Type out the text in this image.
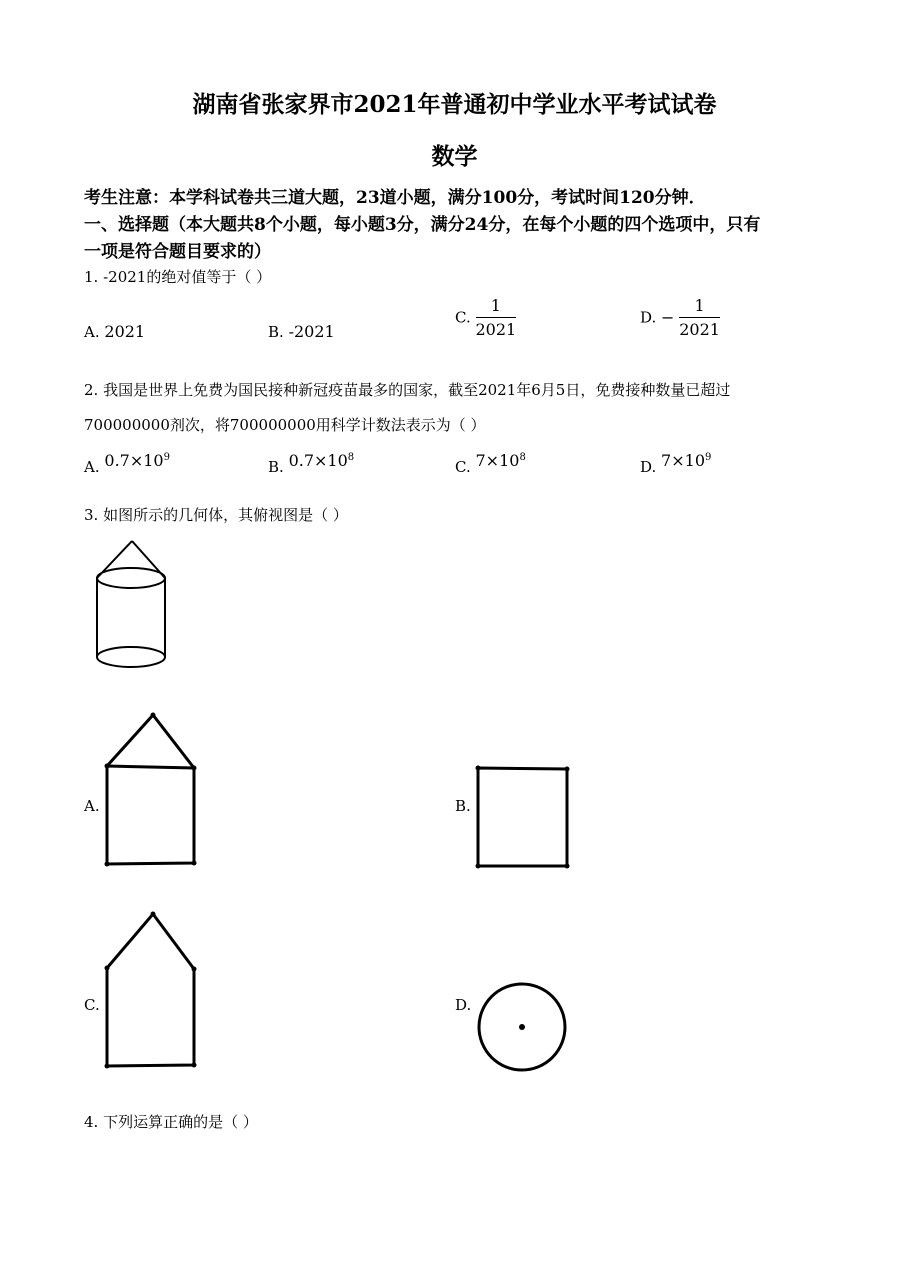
湖南省张家界市2021年普通初中学业水平考试试卷
数学
考生注意：本学科试卷共三道大题，23道小题，满分100分，考试时间120分钟．
一、选择题（本大题共8个小题，每小题3分，满分24分，在每个小题的四个选项中，只有
一项是符合题目要求的）
1. -2021的绝对值等于（ ）
A. 2021	B. -2021
C. $\frac{1}{2021}$	D. − $\frac{1}{2021}$
2. 我国是世界上免费为国民接种新冠疫苗最多的国家，截至2021年6月5日，免费接种数量已超过
700000000剂次，将700000000用科学计数法表示为（ ）
A. $0.7\times 10^9$
B. $0.7\times 10^8$
C. $7\times 10^8$
D. $7\times 10^9$
3. 如图所示的几何体，其俯视图是（ ）
A.	B.
C.	D.
4. 下列运算正确的是（ ）
